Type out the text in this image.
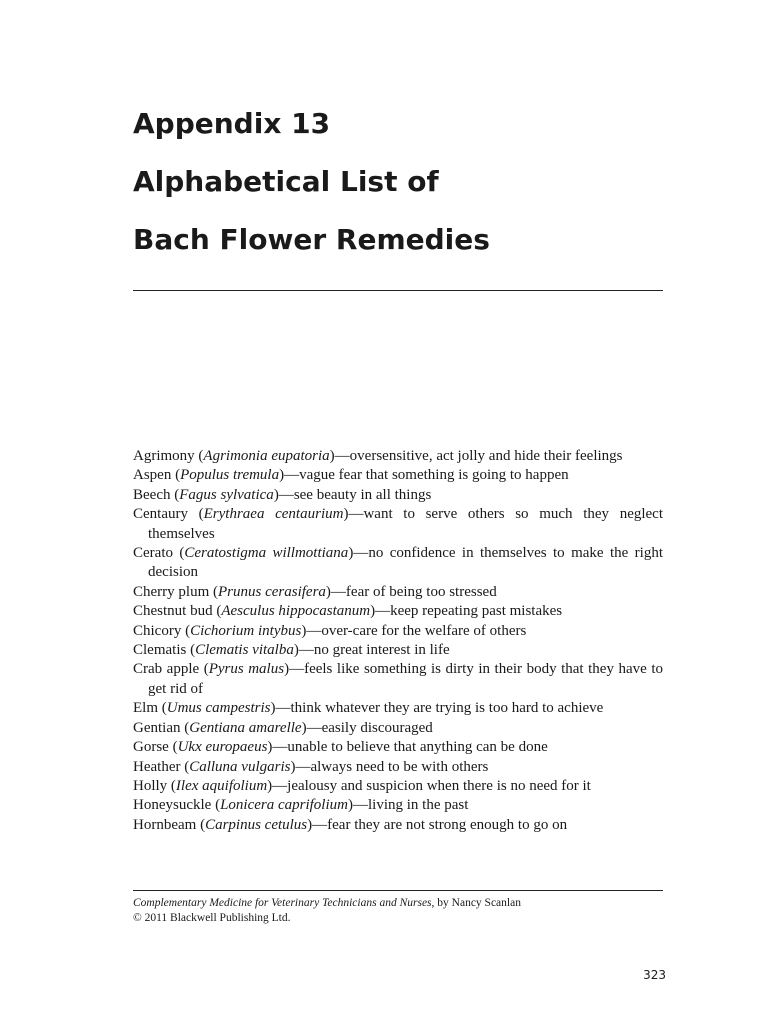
Appendix 13
Alphabetical List of
Bach Flower Remedies
Agrimony (Agrimonia eupatoria)—oversensitive, act jolly and hide their feelings
Aspen (Populus tremula)—vague fear that something is going to happen
Beech (Fagus sylvatica)—see beauty in all things
Centaury (Erythraea centaurium)—want to serve others so much they neglect themselves
Cerato (Ceratostigma willmottiana)—no confidence in themselves to make the right decision
Cherry plum (Prunus cerasifera)—fear of being too stressed
Chestnut bud (Aesculus hippocastanum)—keep repeating past mistakes
Chicory (Cichorium intybus)—over-care for the welfare of others
Clematis (Clematis vitalba)—no great interest in life
Crab apple (Pyrus malus)—feels like something is dirty in their body that they have to get rid of
Elm (Umus campestris)—think whatever they are trying is too hard to achieve
Gentian (Gentiana amarelle)—easily discouraged
Gorse (Ukx europaeus)—unable to believe that anything can be done
Heather (Calluna vulgaris)—always need to be with others
Holly (Ilex aquifolium)—jealousy and suspicion when there is no need for it
Honeysuckle (Lonicera caprifolium)—living in the past
Hornbeam (Carpinus cetulus)—fear they are not strong enough to go on
Complementary Medicine for Veterinary Technicians and Nurses, by Nancy Scanlan
© 2011 Blackwell Publishing Ltd.
323
